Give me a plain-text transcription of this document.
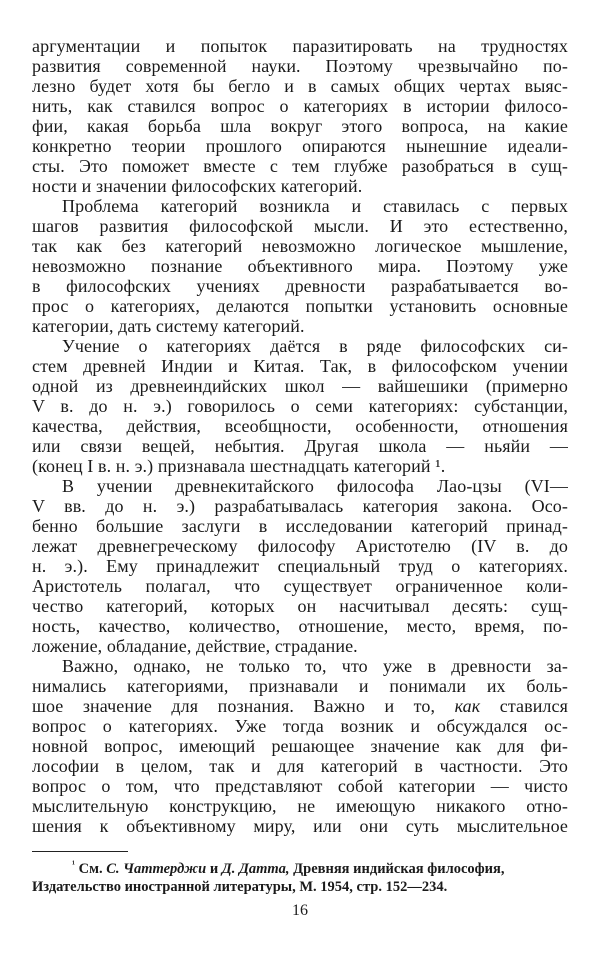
аргументации и попыток паразитировать на трудностях
развития современной науки. Поэтому чрезвычайно по-
лезно будет хотя бы бегло и в самых общих чертах выяс-
нить, как ставился вопрос о категориях в истории филосо-
фии, какая борьба шла вокруг этого вопроса, на какие
конкретно теории прошлого опираются нынешние идеали-
сты. Это поможет вместе с тем глубже разобраться в сущ-
ности и значении философских категорий.
Проблема категорий возникла и ставилась с первых
шагов развития философской мысли. И это естественно,
так как без категорий невозможно логическое мышление,
невозможно познание объективного мира. Поэтому уже
в философских учениях древности разрабатывается во-
прос о категориях, делаются попытки установить основные
категории, дать систему категорий.
Учение о категориях даётся в ряде философских си-
стем древней Индии и Китая. Так, в философском учении
одной из древнеиндийских школ — вайшешики (примерно
V в. до н. э.) говорилось о семи категориях: субстанции,
качества, действия, всеобщности, особенности, отношения
или связи вещей, небытия. Другая школа — ньяйи —
(конец I в. н. э.) признавала шестнадцать категорий ¹.
В учении древнекитайского философа Лао-цзы (VI—
V вв. до н. э.) разрабатывалась категория закона. Осо-
бенно большие заслуги в исследовании категорий принад-
лежат древнегреческому философу Аристотелю (IV в. до
н. э.). Ему принадлежит специальный труд о категориях.
Аристотель полагал, что существует ограниченное коли-
чество категорий, которых он насчитывал десять: сущ-
ность, качество, количество, отношение, место, время, по-
ложение, обладание, действие, страдание.
Важно, однако, не только то, что уже в древности за-
нимались категориями, признавали и понимали их боль-
шое значение для познания. Важно и то, как ставился
вопрос о категориях. Уже тогда возник и обсуждался ос-
новной вопрос, имеющий решающее значение как для фи-
лософии в целом, так и для категорий в частности. Это
вопрос о том, что представляют собой категории — чисто
мыслительную конструкцию, не имеющую никакого отно-
шения к объективному миру, или они суть мыслительное
$^{^1}$ См. С. Чаттерджи и Д. Датта, Древняя индийская философия,
Издательство иностранной литературы, М. 1954, стр. 152—234.
16
